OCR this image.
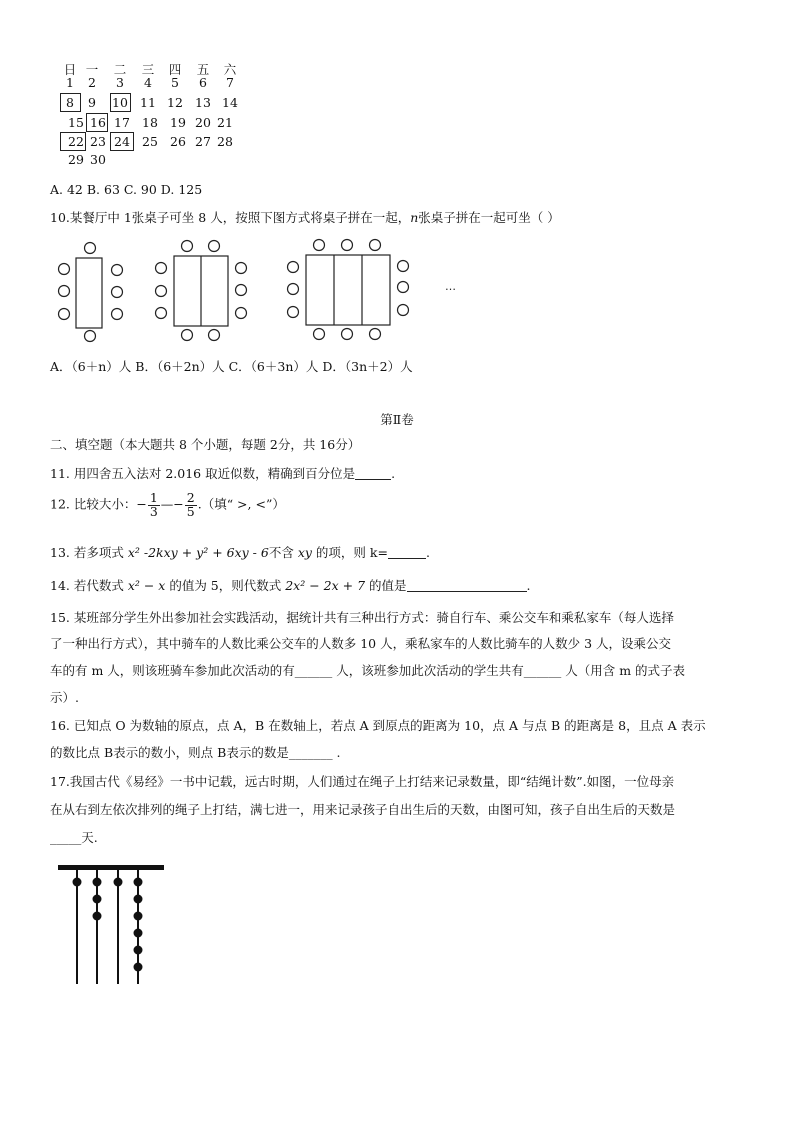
日 一	二	三	四	五	六
1	2	3	4	5	6	7
8	9	10 11 12 13 14
15 16 17 18 19 20 21
22 23 24 25 26 27 28
29 30
A. 42 B. 63 C. 90 D. 125
10.某餐厅中 1张桌子可坐 8 人，按照下图方式将桌子拼在一起，n张桌子拼在一起可坐（ ）
…
A．（6＋n）人 B．（6＋2n）人 C．（6＋3n）人 D．（3n＋2）人
第Ⅱ卷
二、填空题（本大题共 8 个小题，每题 2分，共 16分）
11. 用四舍五入法对 2.016 取近似数，精确到百分位是	.
12. 比较大小：− $\frac{1}{3}$ —− $\frac{2}{5}$ .（填“ >, <”）
13. 若多项式 x² -2kxy + y² + 6xy - 6不含 xy 的项，则 k=	.
14. 若代数式 x² − x 的值为 5，则代数式 2x² − 2x + 7 的值是	.
15. 某班部分学生外出参加社会实践活动，据统计共有三种出行方式：骑自行车、乘公交车和乘私家车（每人选择
了一种出行方式），其中骑车的人数比乘公交车的人数多 10 人，乘私家车的人数比骑车的人数少 3 人，设乘公交
车的有 m 人，则该班骑车参加此次活动的有______ 人，该班参加此次活动的学生共有______ 人（用含 m 的式子表
示）.
16. 已知点 O 为数轴的原点，点 A，B 在数轴上，若点 A 到原点的距离为 10，点 A 与点 B 的距离是 8，且点 A 表示
的数比点 B表示的数小，则点 B表示的数是_______ .
17.我国古代《易经》一书中记载，远古时期，人们通过在绳子上打结来记录数量，即“结绳计数”.如图，一位母亲
在从右到左依次排列的绳子上打结，满七进一，用来记录孩子自出生后的天数，由图可知，孩子自出生后的天数是
_____天.
